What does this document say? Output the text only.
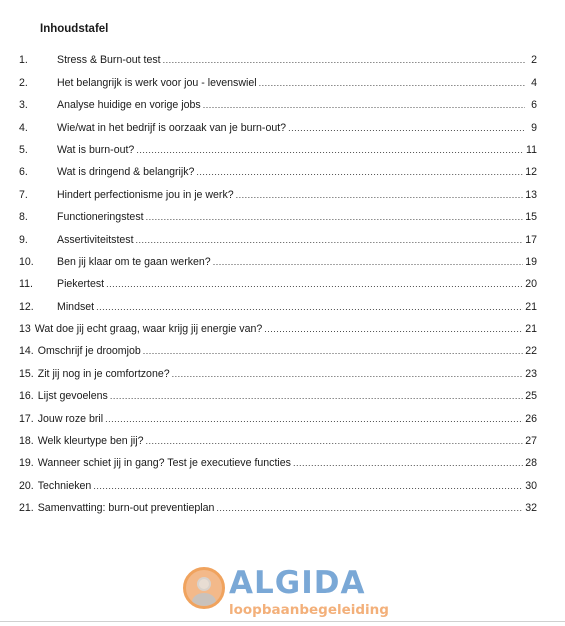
Inhoudstafel
1.	Stress & Burn-out test .....	2
2.	Het belangrijk is werk voor jou - levenswiel .....	4
3.	Analyse huidige en vorige jobs .....	6
4.	Wie/wat in het bedrijf is oorzaak van je burn-out? .....	9
5.	Wat is burn-out? .....	11
6.	Wat is dringend & belangrijk? .....	12
7.	Hindert perfectionisme jou in je werk? .....	13
8.	Functioneringstest .....	15
9.	Assertiviteitstest .....	17
10.	Ben jij klaar om te gaan werken? .....	19
11.	Piekertest .....	20
12.	Mindset .....	21
13 Wat doe jij echt graag, waar krijg jij energie van? .....	21
14. Omschrijf je droomjob .....	22
15. Zit jij nog in je comfortzone? .....	23
16. Lijst gevoelens .....	25
17. Jouw roze bril .....	26
18. Welk kleurtype ben jij? .....	27
19. Wanneer schiet jij in gang? Test je executieve functies .....	28
20. Technieken .....	30
21. Samenvatting: burn-out preventieplan .....	32
ALGIDA
loopbaanbegeleiding
